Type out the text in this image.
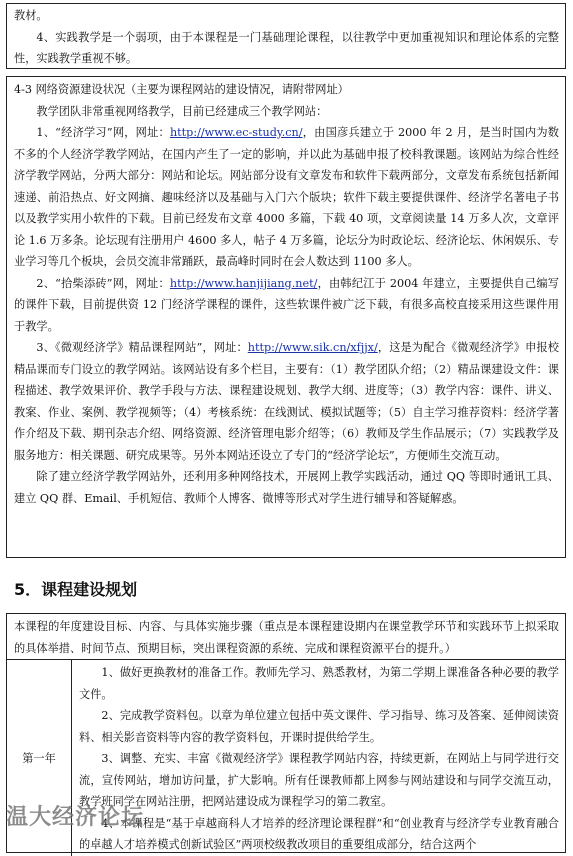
教材。

4、实践教学是一个弱项，由于本课程是一门基础理论课程，以往教学中更加重视知识和理论体系的完整性，实践教学重视不够。

4-3 网络资源建设状况（主要为课程网站的建设情况，请附带网址）

教学团队非常重视网络教学，目前已经建成三个教学网站：

1、“经济学习”网，网址：http://www.ec-study.cn/，由国彦兵建立于 2000 年 2 月，是当时国内为数不多的个人经济学教学网站，在国内产生了一定的影响，并以此为基础申报了校科教课题。该网站为综合性经济学教学网站，分两大部分：网站和论坛。网站部分设有文章发布和软件下载两部分，文章发布系统包括新闻速递、前沿热点、好文网摘、趣味经济以及基础与入门六个版块；软件下载主要提供课件、经济学名著电子书以及教学实用小软件的下载。目前已经发布文章 4000 多篇，下载 40 项，文章阅读量 14 万多人次，文章评论 1.6 万多条。论坛现有注册用户 4600 多人，帖子 4 万多篇，论坛分为时政论坛、经济论坛、休闲娱乐、专业学习等几个板块，会员交流非常踊跃，最高峰时同时在会人数达到 1100 多人。

2、“拾柴添砖”网，网址：http://www.hanjijiang.net/，由韩纪江于 2004 年建立，主要提供自己编写的课件下载，目前提供资 12 门经济学课程的课件，这些软课件被广泛下载，有很多高校直接采用这些课件用于教学。

3、《微观经济学》精品课程网站”，网址：http://www.sik.cn/xfjjx/，这是为配合《微观经济学》申报校精品课而专门设立的教学网站。该网站设有多个栏目，主要有：（1）教学团队介绍；（2）精品课建设文件：课程描述、教学效果评价、教学手段与方法、课程建设规划、教学大纲、进度等；（3）教学内容：课件、讲义、教案、作业、案例、教学视频等；（4）考核系统：在线测试、模拟试题等；（5）自主学习推荐资料：经济学著作介绍及下载、期刊杂志介绍、网络资源、经济管理电影介绍等；（6）教师及学生作品展示；（7）实践教学及服务地方：相关课题、研究成果等。另外本网站还设立了专门的“经济学论坛”，方便师生交流互动。

除了建立经济学教学网站外，还利用多种网络技术，开展网上教学实践活动，通过 QQ 等即时通讯工具、建立 QQ 群、Email、手机短信、教师个人博客、微博等形式对学生进行辅导和答疑解惑。

5．课程建设规划

本课程的年度建设目标、内容、与具体实施步骤（重点是本课程建设期内在课堂教学环节和实践环节上拟采取的具体举措、时间节点、预期目标，突出课程资源的系统、完成和课程资源平台的提升。）

第一年

1、做好更换教材的准备工作。教师先学习、熟悉教材，为第二学期上课准备各种必要的教学文件。

2、完成教学资料包。以章为单位建立包括中英文课件、学习指导、练习及答案、延伸阅读资料、相关影音资料等内容的教学资料包，开课时提供给学生。

3、调整、充实、丰富《微观经济学》课程教学网站内容，持续更新，在网站上与同学进行交流，宣传网站，增加访问量，扩大影响。所有任课教师都上网参与网站建设和与同学交流互动，教学班同学在网站注册，把网站建设成为课程学习的第二教室。

4、本课程是“基于卓越商科人才培养的经济理论课程群”和“创业教育与经济学专业教育融合的卓越人才培养模式创新试验区”两项校级教改项目的重要组成部分，结合这两个

温大经济论坛
